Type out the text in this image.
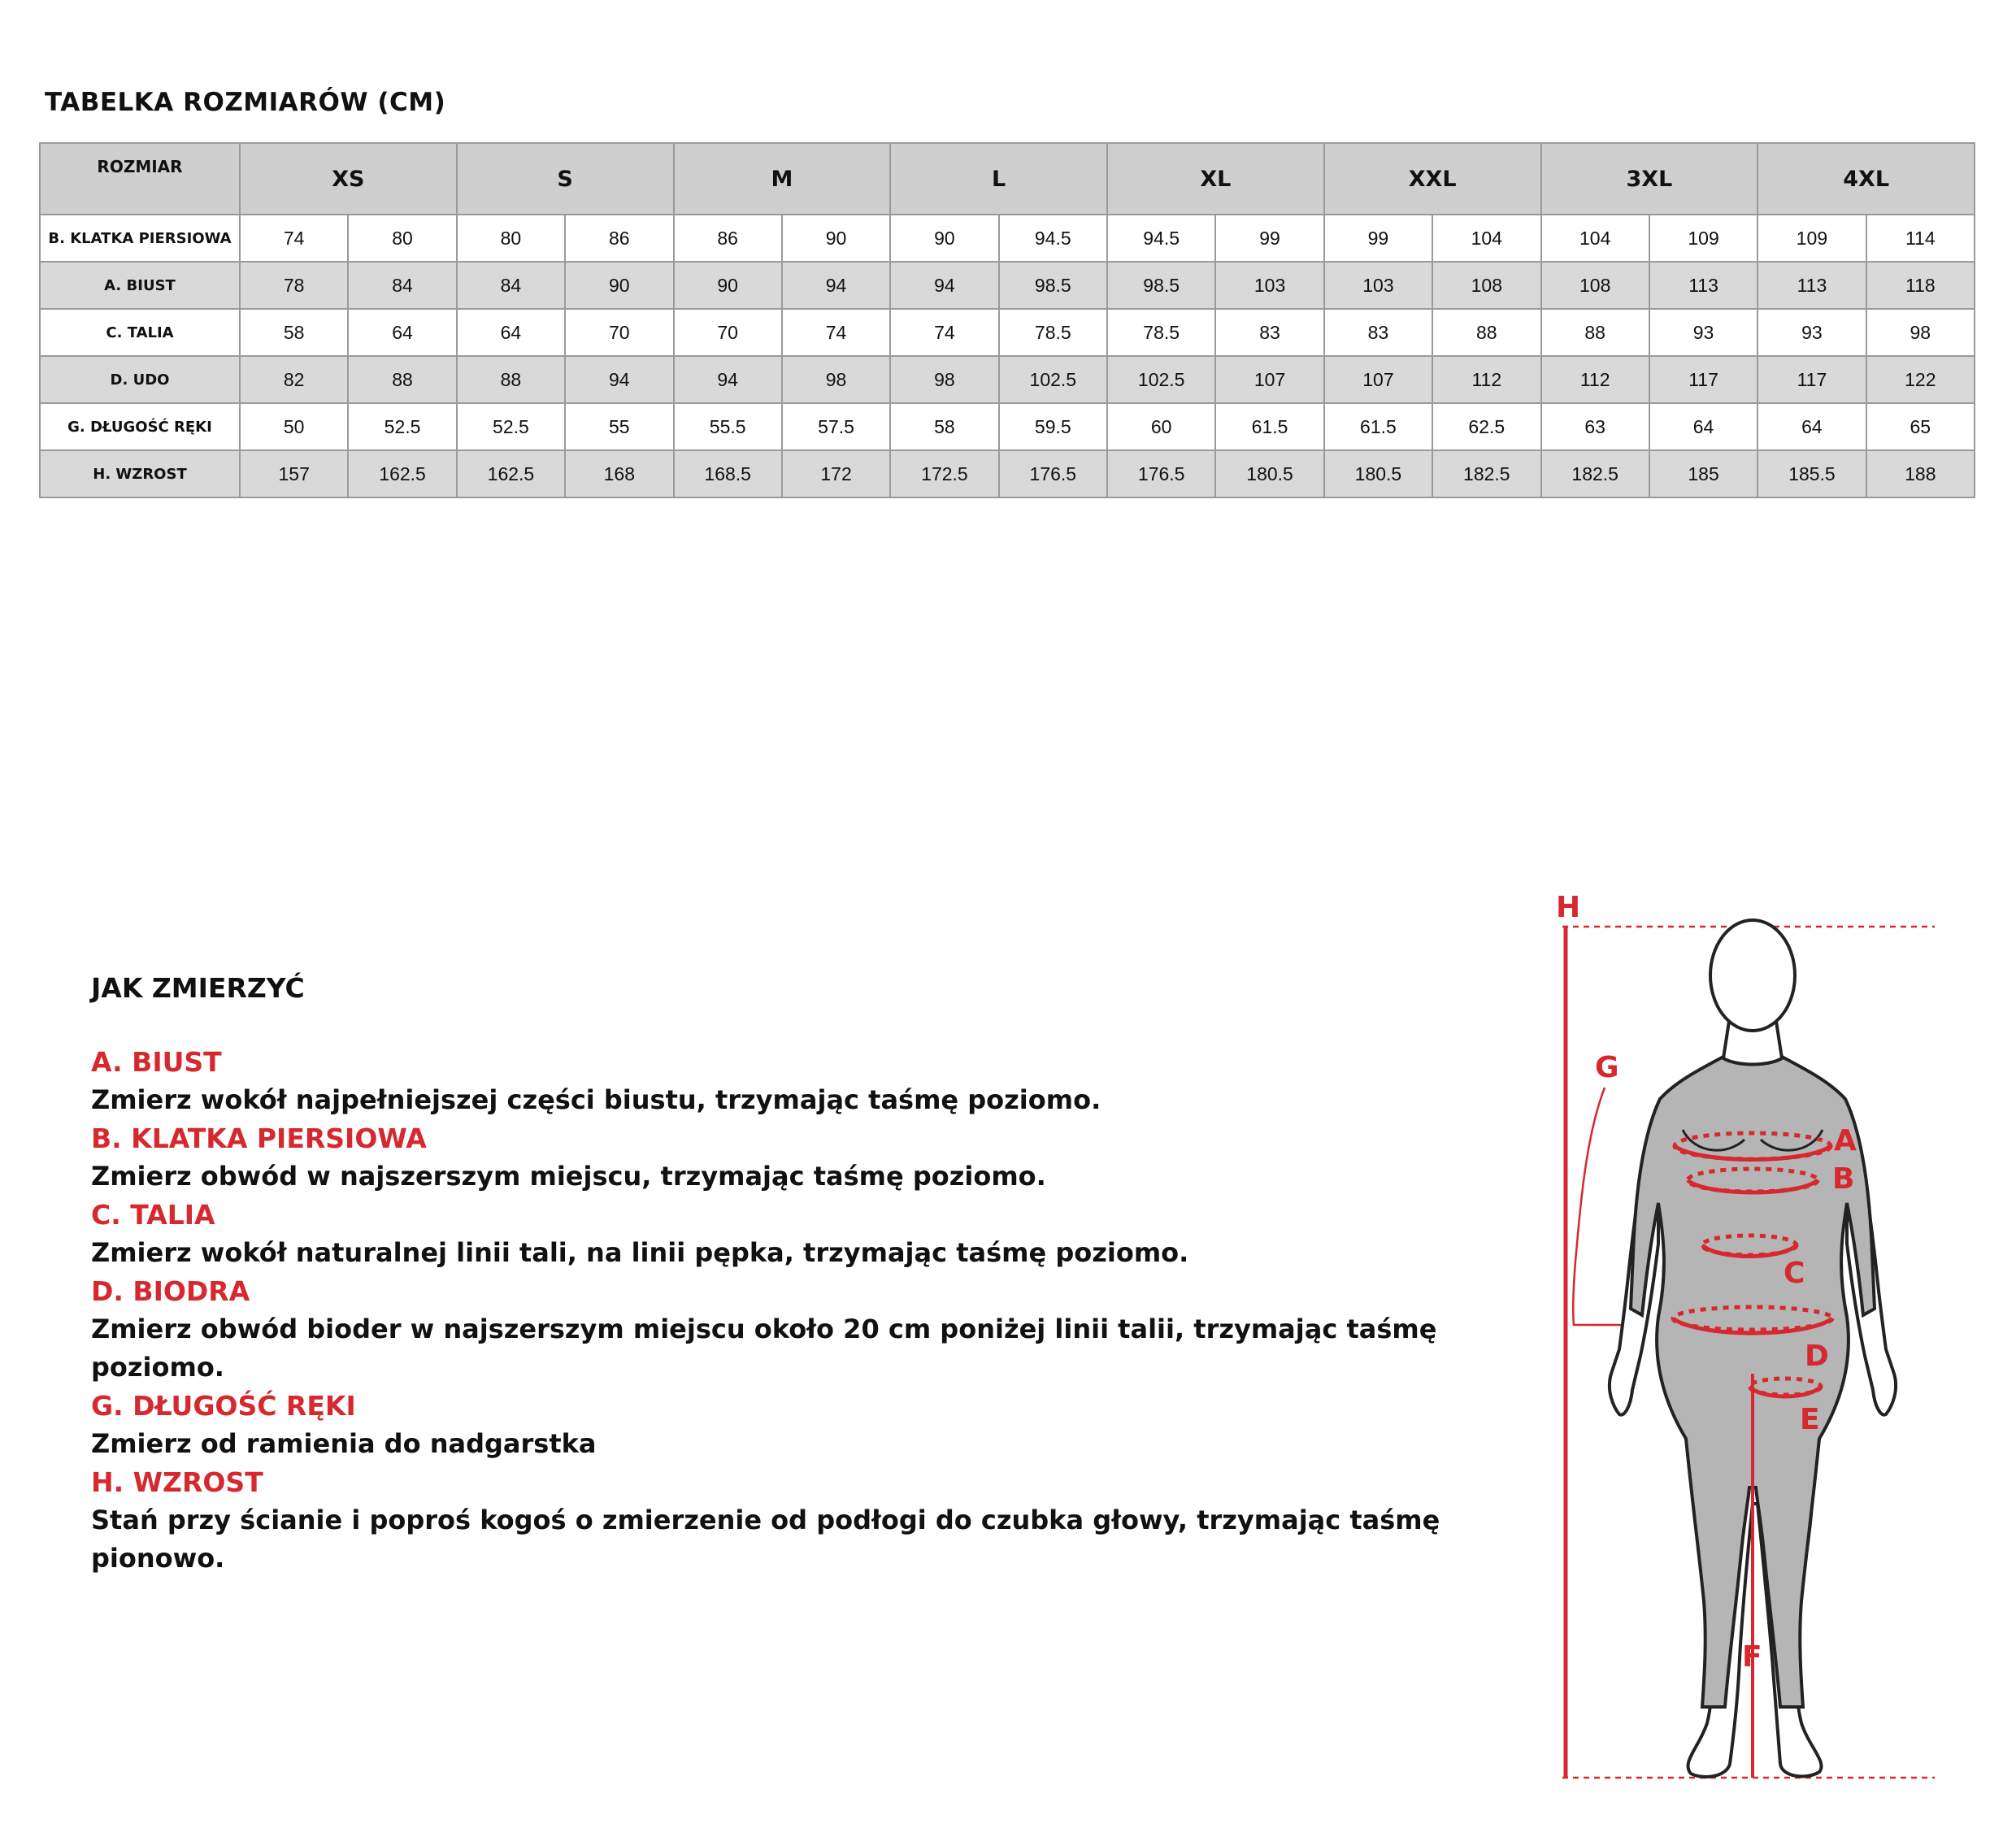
TABELKA ROZMIARÓW (CM)
ROZMIAR	XS		S		M		L		XL		XXL		3XL		4XL	
B. KLATKA PIERSIOWA	74	80	80	86	86	90	90	94.5	94.5	99	99	104	104	109	109	114
A. BIUST	78	84	84	90	90	94	94	98.5	98.5	103	103	108	108	113	113	118
C. TALIA	58	64	64	70	70	74	74	78.5	78.5	83	83	88	88	93	93	98
D. UDO	82	88	88	94	94	98	98	102.5	102.5	107	107	112	112	117	117	122
G. DŁUGOŚĆ RĘKI	50	52.5	52.5	55	55.5	57.5	58	59.5	60	61.5	61.5	62.5	63	64	64	65
H. WZROST	157	162.5	162.5	168	168.5	172	172.5	176.5	176.5	180.5	180.5	182.5	182.5	185	185.5	188
JAK ZMIERZYĆ
A. BIUST
Zmierz wokół najpełniejszej części biustu, trzymając taśmę poziomo.
B. KLATKA PIERSIOWA
Zmierz obwód w najszerszym miejscu, trzymając taśmę poziomo.
C. TALIA
Zmierz wokół naturalnej linii tali, na linii pępka, trzymając taśmę poziomo.
D. BIODRA
Zmierz obwód bioder w najszerszym miejscu około 20 cm poniżej linii talii, trzymając taśmę poziomo.
G. DŁUGOŚĆ RĘKI
Zmierz od ramienia do nadgarstka
H. WZROST
Stań przy ścianie i poproś kogoś o zmierzenie od podłogi do czubka głowy, trzymając taśmę pionowo.
H
G
A
B
C
D
E
F
